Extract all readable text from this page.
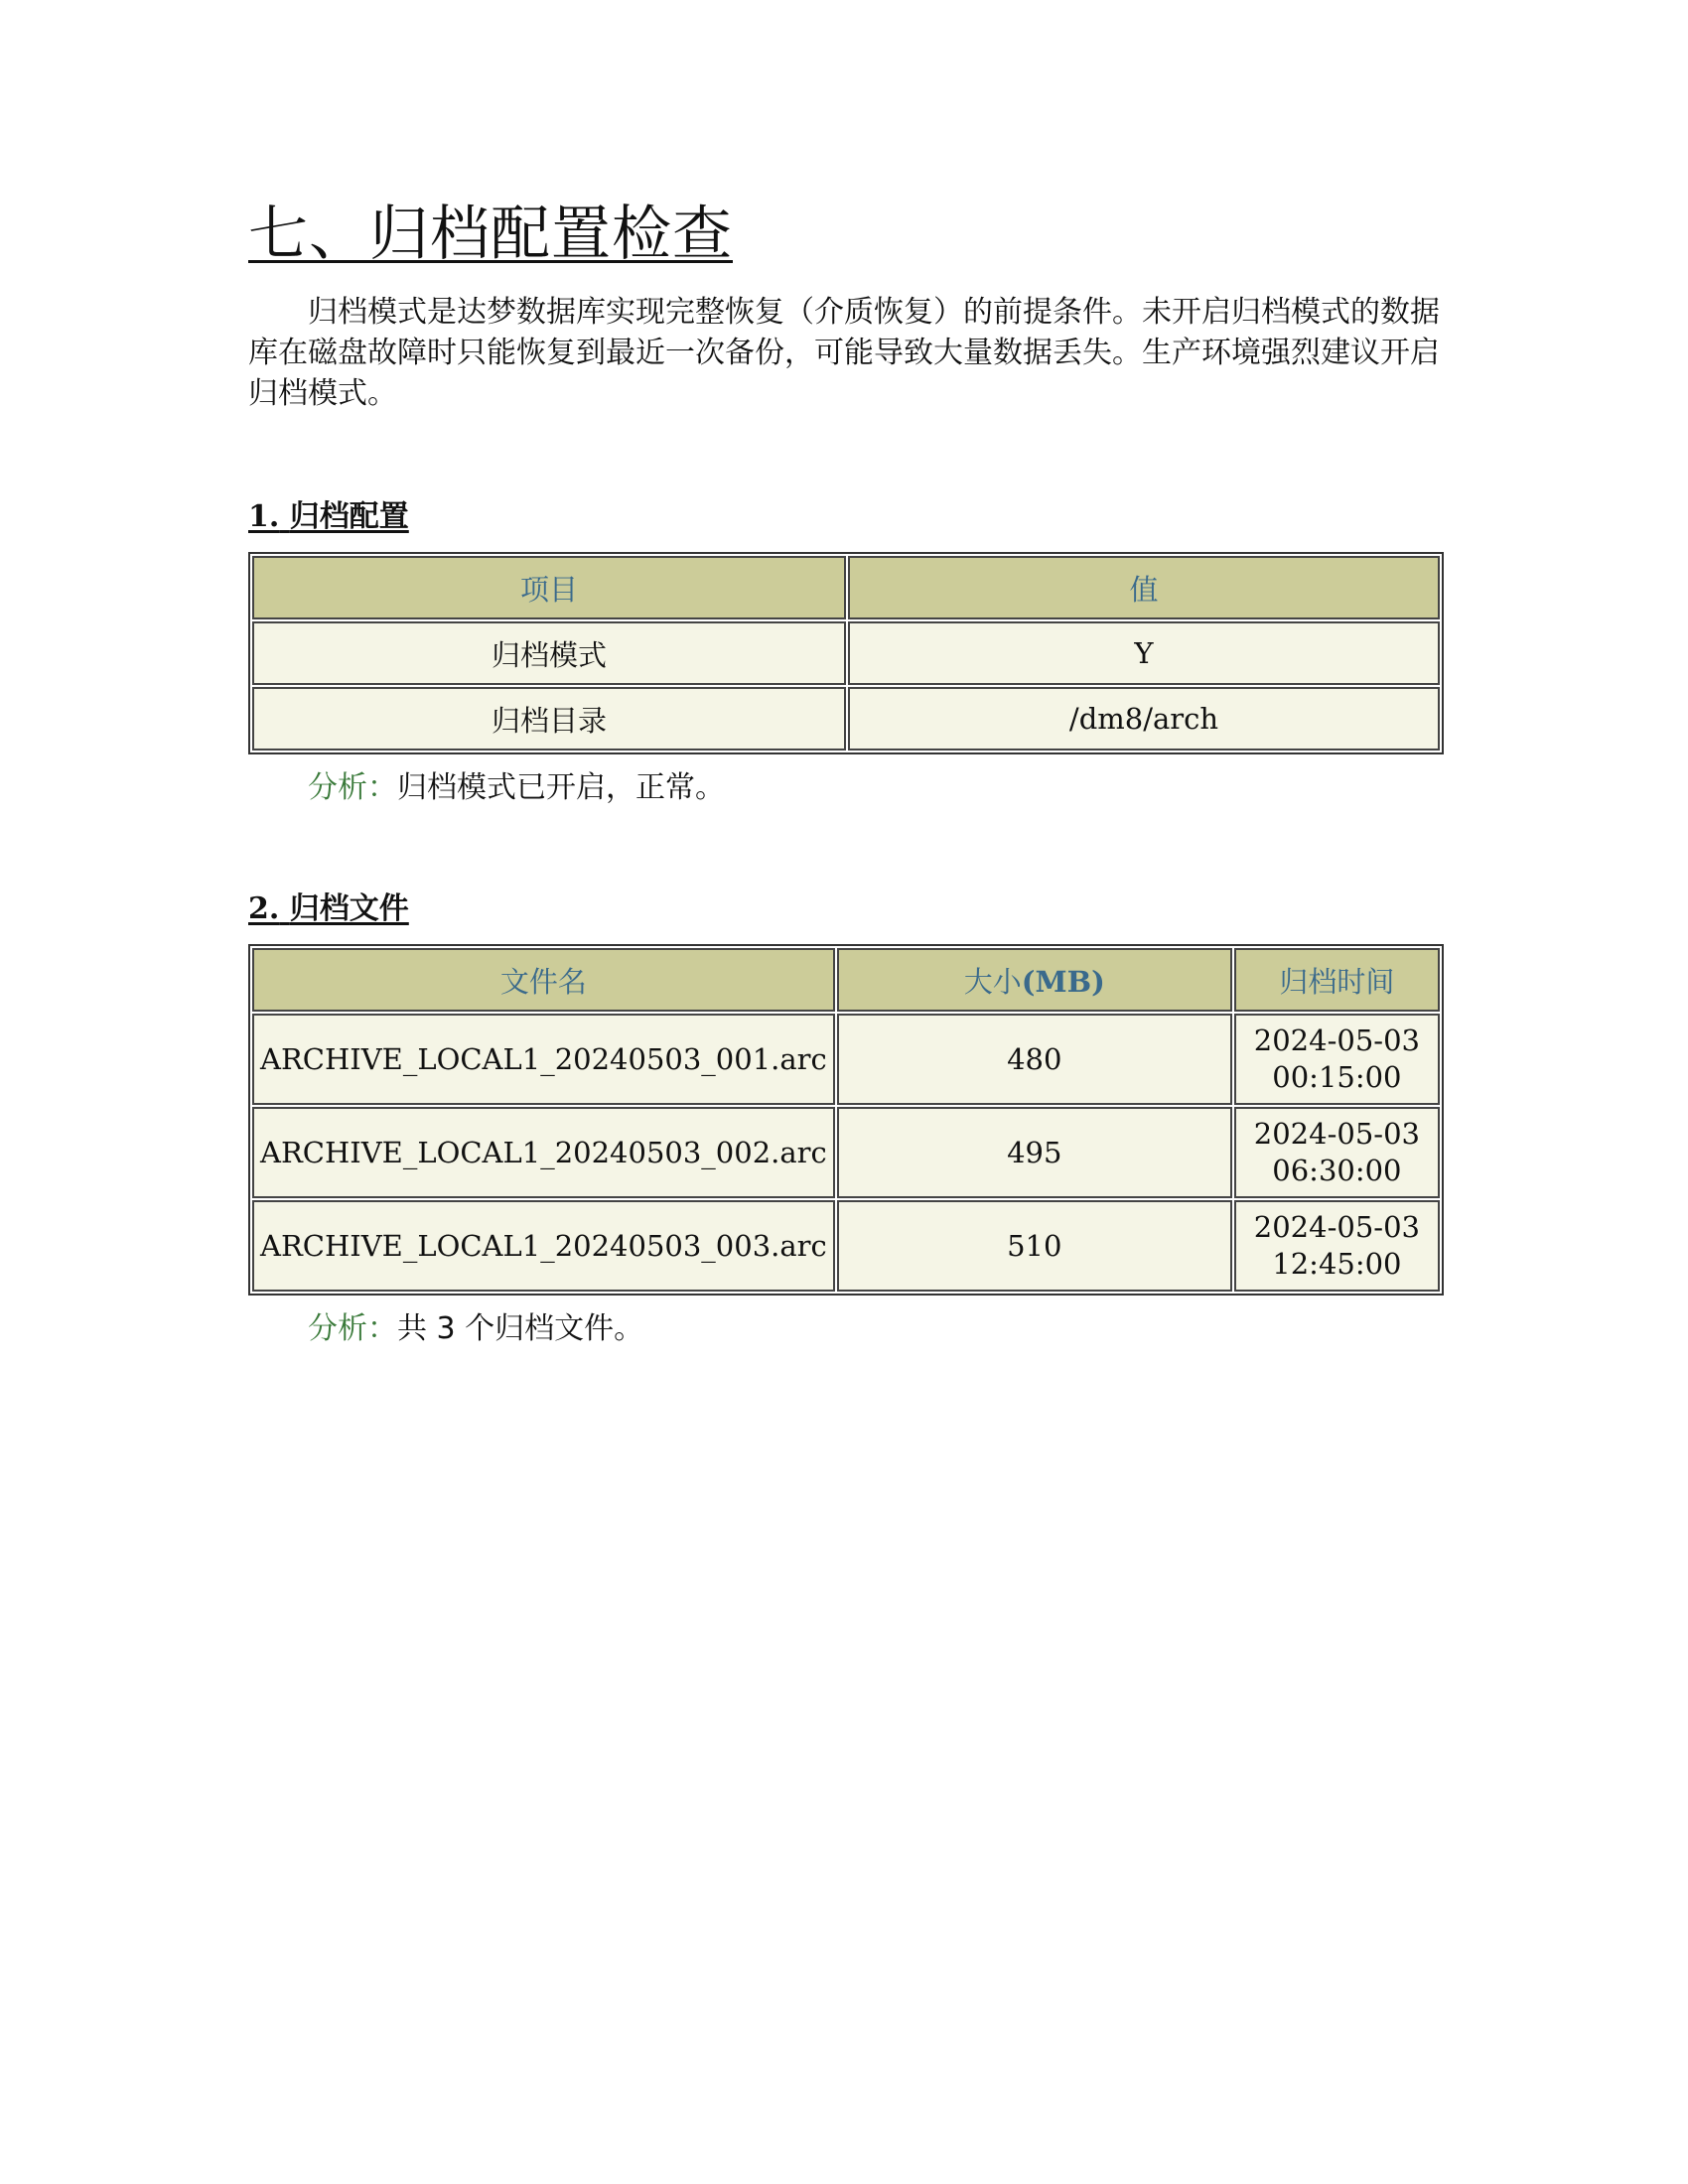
七、归档配置检查

归档模式是达梦数据库实现完整恢复（介质恢复）的前提条件。未开启归档模式的数据库在磁盘故障时只能恢复到最近一次备份，可能导致大量数据丢失。生产环境强烈建议开启归档模式。

1. 归档配置
项目	值
归档模式	Y
归档目录	/dm8/arch

分析：归档模式已开启，正常。

2. 归档文件
文件名	大小(MB)	归档时间
ARCHIVE_LOCAL1_20240503_001.arc	480	2024-05-03 00:15:00
ARCHIVE_LOCAL1_20240503_002.arc	495	2024-05-03 06:30:00
ARCHIVE_LOCAL1_20240503_003.arc	510	2024-05-03 12:45:00

分析：共 3 个归档文件。
